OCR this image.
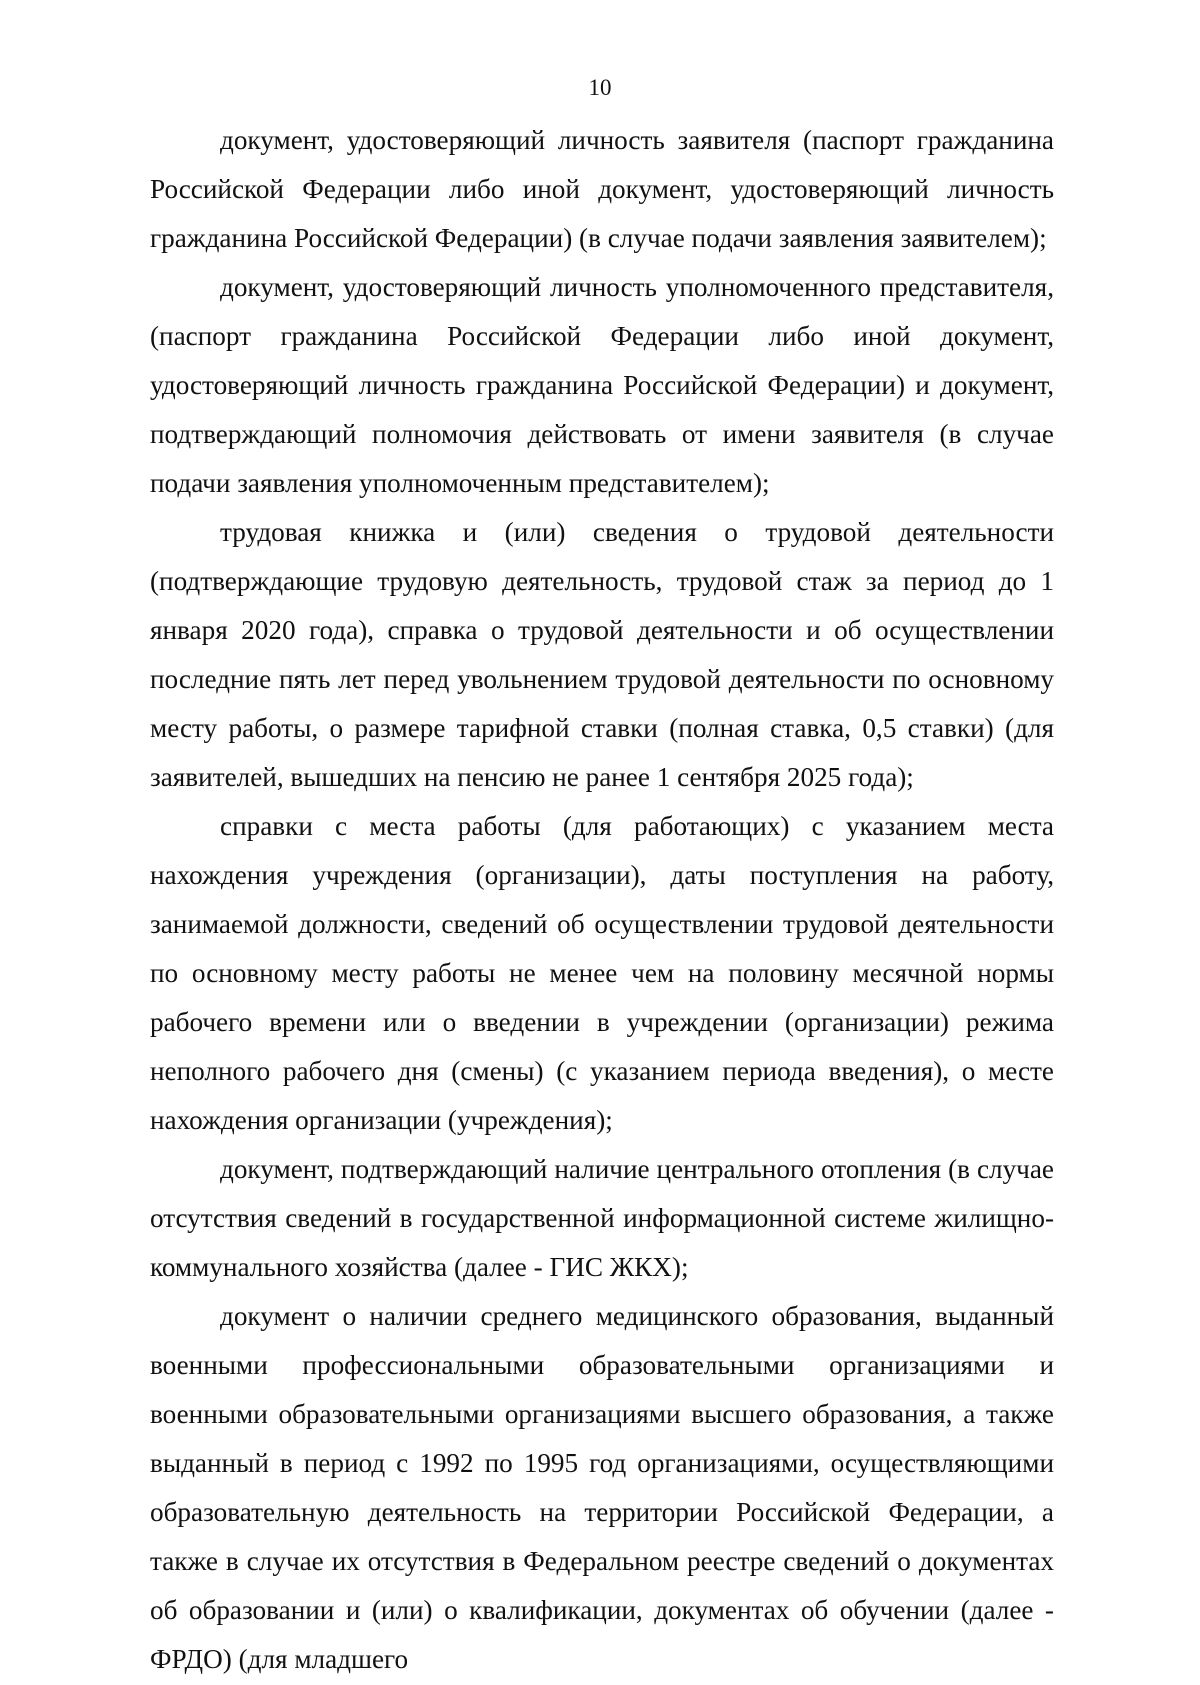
10

документ, удостоверяющий личность заявителя (паспорт гражданина Российской Федерации либо иной документ, удостоверяющий личность гражданина Российской Федерации) (в случае подачи заявления заявителем);

документ, удостоверяющий личность уполномоченного представителя, (паспорт гражданина Российской Федерации либо иной документ, удостоверяющий личность гражданина Российской Федерации) и документ, подтверждающий полномочия действовать от имени заявителя (в случае подачи заявления уполномоченным представителем);

трудовая книжка и (или) сведения о трудовой деятельности (подтверждающие трудовую деятельность, трудовой стаж за период до 1 января 2020 года), справка о трудовой деятельности и об осуществлении последние пять лет перед увольнением трудовой деятельности по основному месту работы, о размере тарифной ставки (полная ставка, 0,5 ставки) (для заявителей, вышедших на пенсию не ранее 1 сентября 2025 года);

справки с места работы (для работающих) с указанием места нахождения учреждения (организации), даты поступления на работу, занимаемой должности, сведений об осуществлении трудовой деятельности по основному месту работы не менее чем на половину месячной нормы рабочего времени или о введении в учреждении (организации) режима неполного рабочего дня (смены) (с указанием периода введения), о месте нахождения организации (учреждения);

документ, подтверждающий наличие центрального отопления (в случае отсутствия сведений в государственной информационной системе жилищно-коммунального хозяйства (далее - ГИС ЖКХ);

документ о наличии среднего медицинского образования, выданный военными профессиональными образовательными организациями и военными образовательными организациями высшего образования, а также выданный в период с 1992 по 1995 год организациями, осуществляющими образовательную деятельность на территории Российской Федерации, а также в случае их отсутствия в Федеральном реестре сведений о документах об образовании и (или) о квалификации, документах об обучении (далее - ФРДО) (для младшего
